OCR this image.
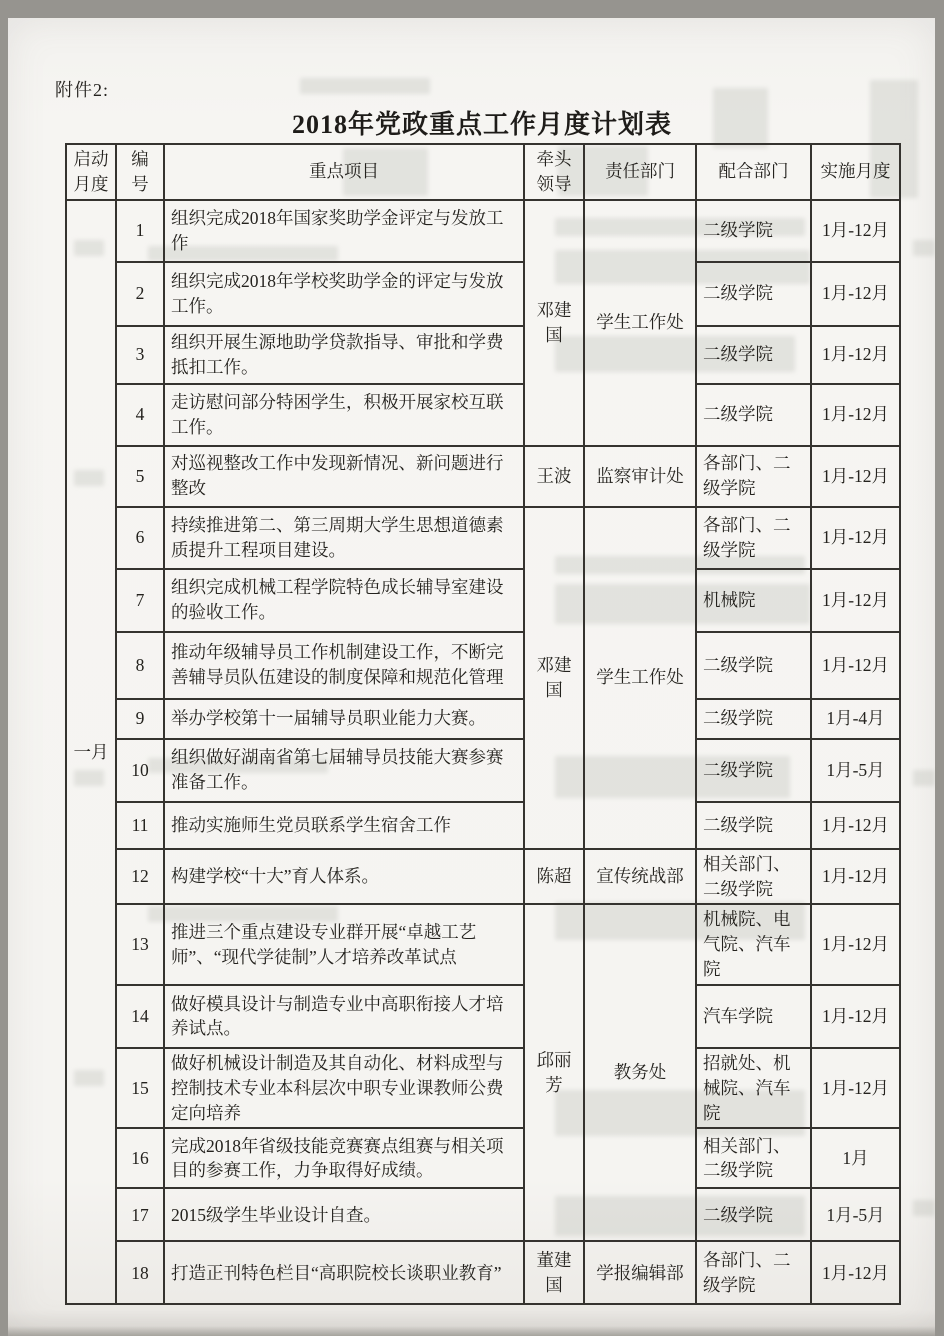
附件2:
2018年党政重点工作月度计划表
启动月度	编号	重点项目	牵头领导	责任部门	配合部门	实施月度
一月	1	组织完成2018年国家奖助学金评定与发放工作	邓建国	学生工作处	二级学院	1月-12月
	2	组织完成2018年学校奖助学金的评定与发放工作。			二级学院	1月-12月
	3	组织开展生源地助学贷款指导、审批和学费抵扣工作。			二级学院	1月-12月
	4	走访慰问部分特困学生，积极开展家校互联工作。			二级学院	1月-12月
	5	对巡视整改工作中发现新情况、新问题进行整改	王波	监察审计处	各部门、二级学院	1月-12月
	6	持续推进第二、第三周期大学生思想道德素质提升工程项目建设。	邓建国	学生工作处	各部门、二级学院	1月-12月
	7	组织完成机械工程学院特色成长辅导室建设的验收工作。			机械院	1月-12月
	8	推动年级辅导员工作机制建设工作，不断完善辅导员队伍建设的制度保障和规范化管理			二级学院	1月-12月
	9	举办学校第十一届辅导员职业能力大赛。			二级学院	1月-4月
	10	组织做好湖南省第七届辅导员技能大赛参赛准备工作。			二级学院	1月-5月
	11	推动实施师生党员联系学生宿舍工作			二级学院	1月-12月
	12	构建学校“十大”育人体系。	陈超	宣传统战部	相关部门、二级学院	1月-12月
	13	推进三个重点建设专业群开展“卓越工艺师”、“现代学徒制”人才培养改革试点	邱丽芳	教务处	机械院、电气院、汽车院	1月-12月
	14	做好模具设计与制造专业中高职衔接人才培养试点。			汽车学院	1月-12月
	15	做好机械设计制造及其自动化、材料成型与控制技术专业本科层次中职专业课教师公费定向培养			招就处、机械院、汽车院	1月-12月
	16	完成2018年省级技能竞赛赛点组赛与相关项目的参赛工作，力争取得好成绩。			相关部门、二级学院	1月
	17	2015级学生毕业设计自查。			二级学院	1月-5月
	18	打造正刊特色栏目“高职院校长谈职业教育”	董建国	学报编辑部	各部门、二级学院	1月-12月
